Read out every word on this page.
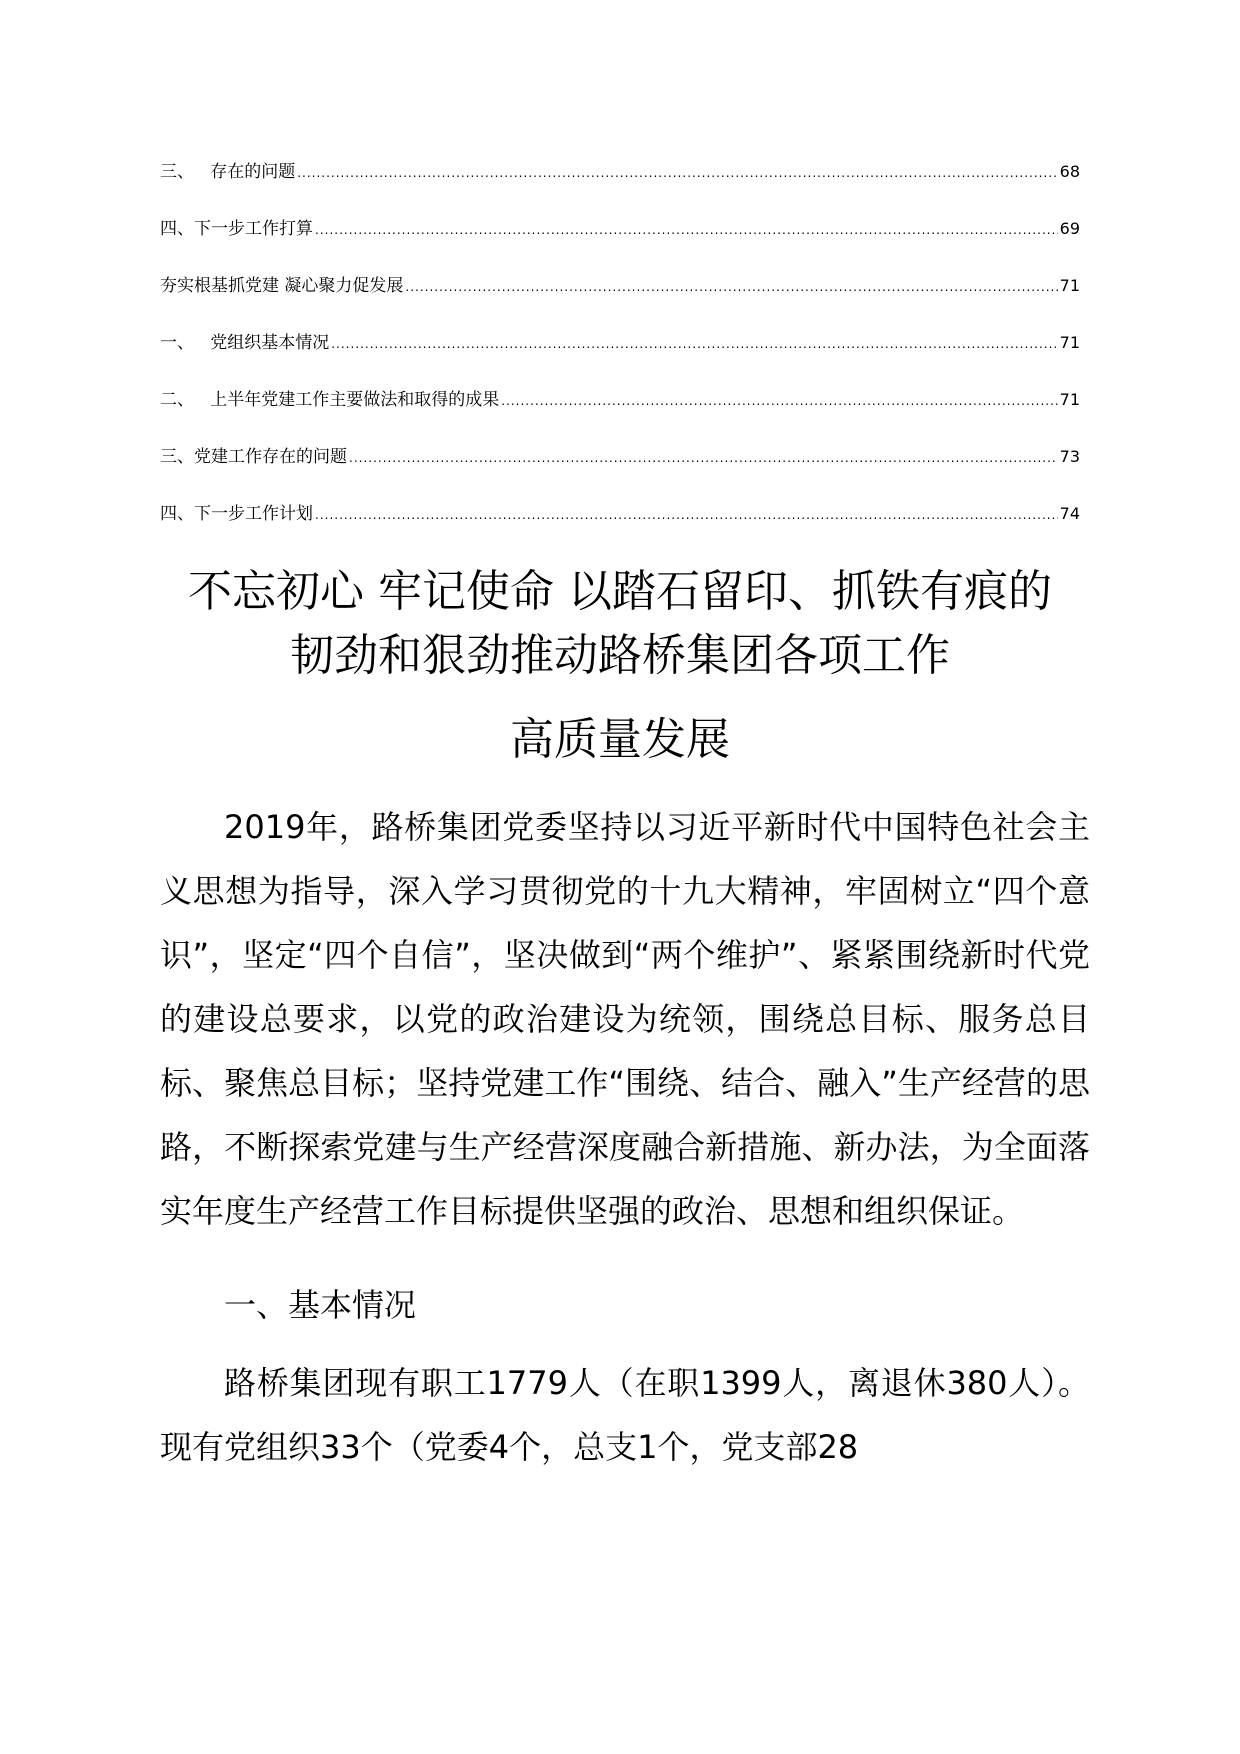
三、   存在的问题 .....	68
四、下一步工作打算 .....	69
夯实根基抓党建 凝心聚力促发展 .....	71
一、   党组织基本情况 .....	71
二、   上半年党建工作主要做法和取得的成果 .....	71
三、党建工作存在的问题 .....	73
四、下一步工作计划 .....	74
不忘初心 牢记使命 以踏石留印、抓铁有痕的
韧劲和狠劲推动路桥集团各项工作
高质量发展

2019年，路桥集团党委坚持以习近平新时代中国特色社会主义思想为指导，深入学习贯彻党的十九大精神，牢固树立“四个意识”，坚定“四个自信”，坚决做到“两个维护”、紧紧围绕新时代党的建设总要求，以党的政治建设为统领，围绕总目标、服务总目标、聚焦总目标；坚持党建工作“围绕、结合、融入”生产经营的思路，不断探索党建与生产经营深度融合新措施、新办法，为全面落实年度生产经营工作目标提供坚强的政治、思想和组织保证。

一、基本情况

路桥集团现有职工1779人（在职1399人，离退休380人）。现有党组织33个（党委4个，总支1个，党支部28
